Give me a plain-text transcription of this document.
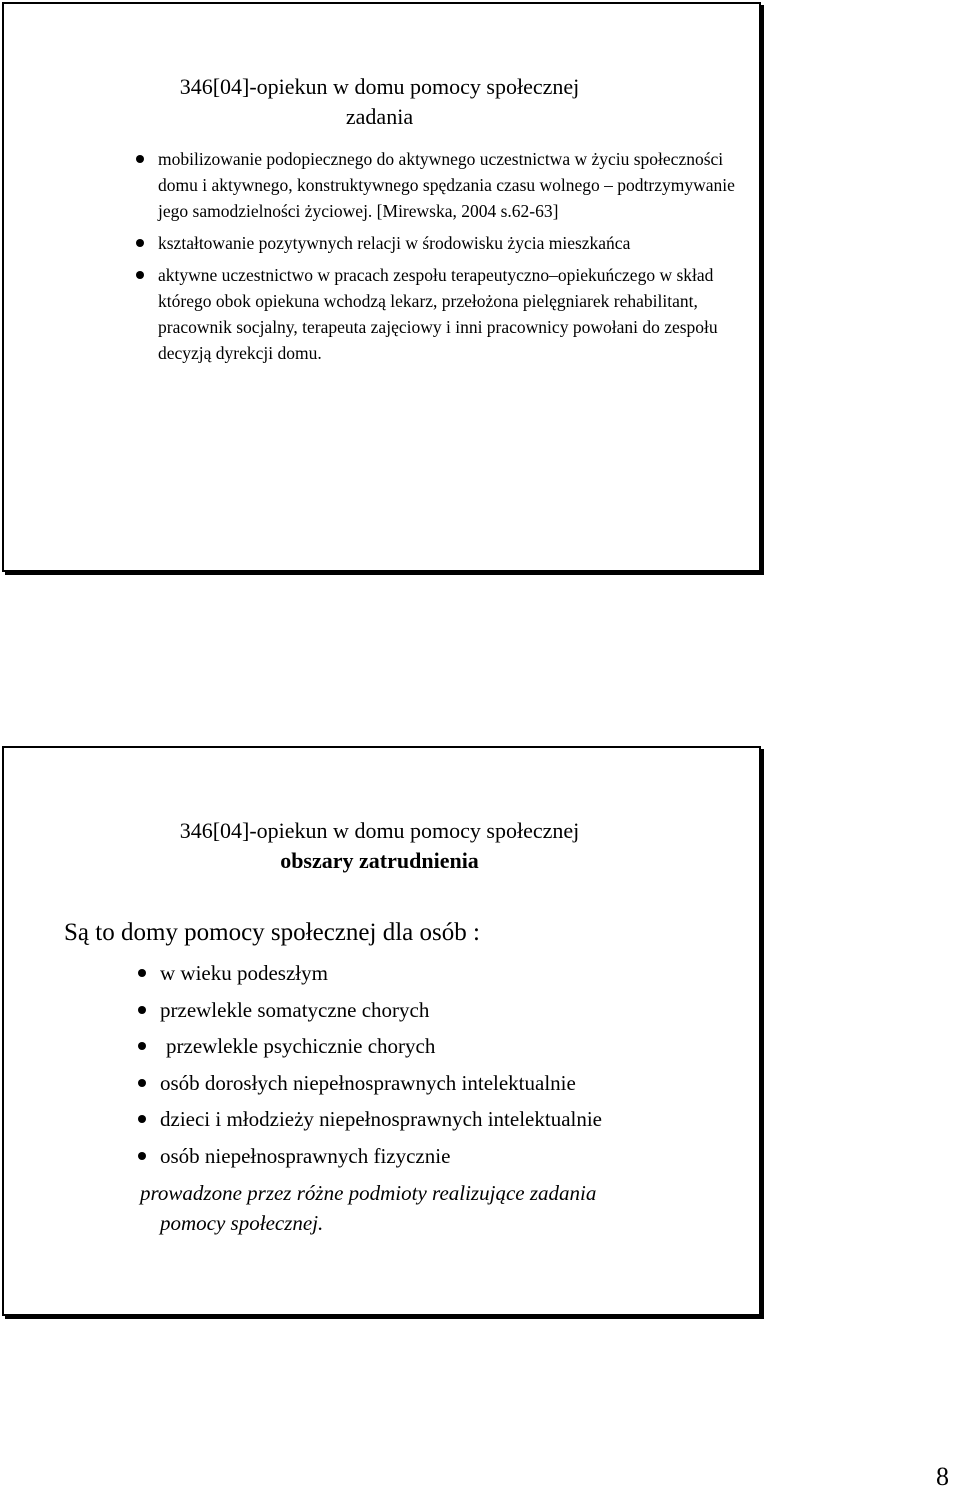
346[04]-opiekun w domu pomocy społecznej
zadania
mobilizowanie podopiecznego do aktywnego uczestnictwa w życiu społeczności domu i aktywnego, konstruktywnego spędzania czasu wolnego – podtrzymywanie jego samodzielności życiowej. [Mirewska, 2004 s.62-63]
kształtowanie pozytywnych relacji w środowisku życia mieszkańca
aktywne uczestnictwo w pracach zespołu terapeutyczno–opiekuńczego w skład którego obok opiekuna wchodzą lekarz, przełożona pielęgniarek rehabilitant, pracownik socjalny, terapeuta zajęciowy i inni pracownicy powołani do zespołu decyzją dyrekcji domu.
346[04]-opiekun w domu pomocy społecznej
obszary zatrudnienia
Są to domy pomocy społecznej dla osób :
w wieku podeszłym
przewlekle somatyczne chorych
przewlekle psychicznie chorych
osób dorosłych niepełnosprawnych intelektualnie
dzieci i młodzieży niepełnosprawnych intelektualnie
osób niepełnosprawnych fizycznie
prowadzone przez różne podmioty realizujące zadania
pomocy społecznej.
8
